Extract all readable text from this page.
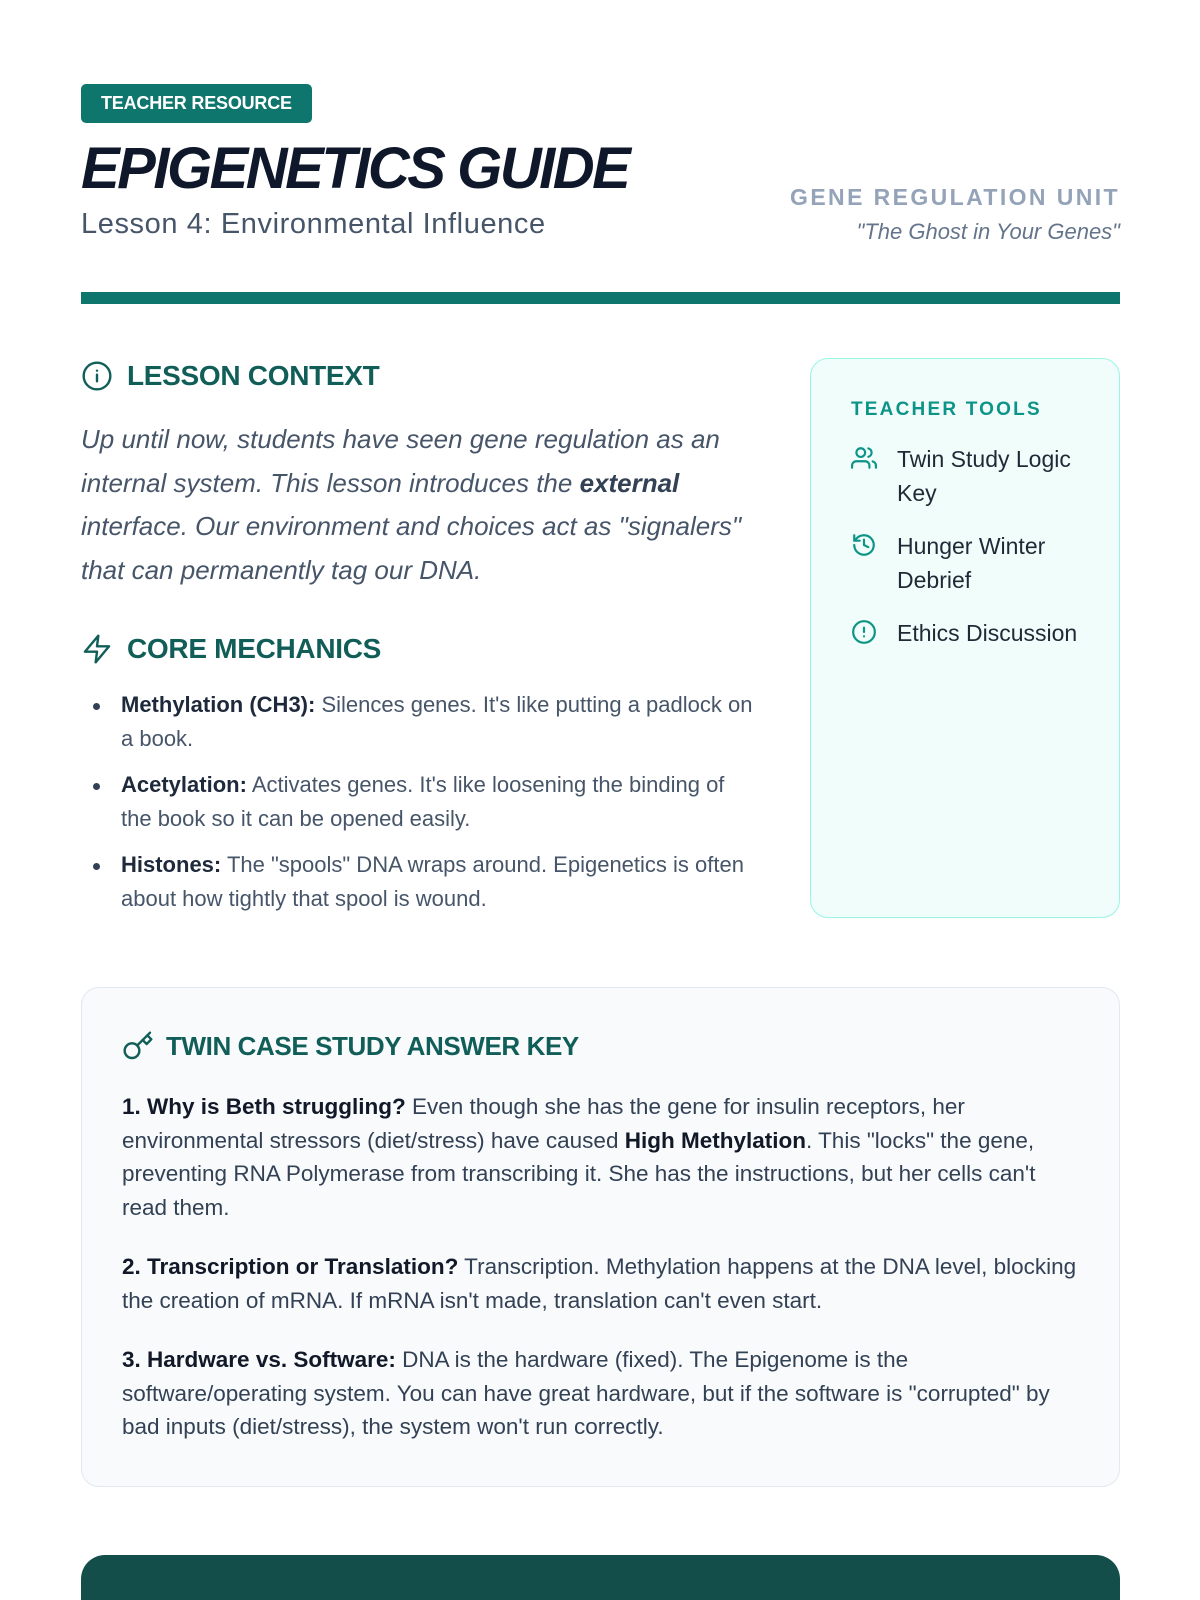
TEACHER RESOURCE
EPIGENETICS GUIDE
Lesson 4: Environmental Influence
GENE REGULATION UNIT
"The Ghost in Your Genes"
LESSON CONTEXT

Up until now, students have seen gene regulation as an internal system. This lesson introduces the external interface. Our environment and choices act as "signalers" that can permanently tag our DNA.

CORE MECHANICS
Methylation (CH3): Silences genes. It's like putting a padlock on a book.
Acetylation: Activates genes. It's like loosening the binding of the book so it can be opened easily.
Histones: The "spools" DNA wraps around. Epigenetics is often about how tightly that spool is wound.
TEACHER TOOLS
Twin Study Logic Key
Hunger Winter Debrief
Ethics Discussion
TWIN CASE STUDY ANSWER KEY

1. Why is Beth struggling? Even though she has the gene for insulin receptors, her environmental stressors (diet/stress) have caused High Methylation. This "locks" the gene, preventing RNA Polymerase from transcribing it. She has the instructions, but her cells can't read them.

2. Transcription or Translation? Transcription. Methylation happens at the DNA level, blocking the creation of mRNA. If mRNA isn't made, translation can't even start.

3. Hardware vs. Software: DNA is the hardware (fixed). The Epigenome is the software/operating system. You can have great hardware, but if the software is "corrupted" by bad inputs (diet/stress), the system won't run correctly.
